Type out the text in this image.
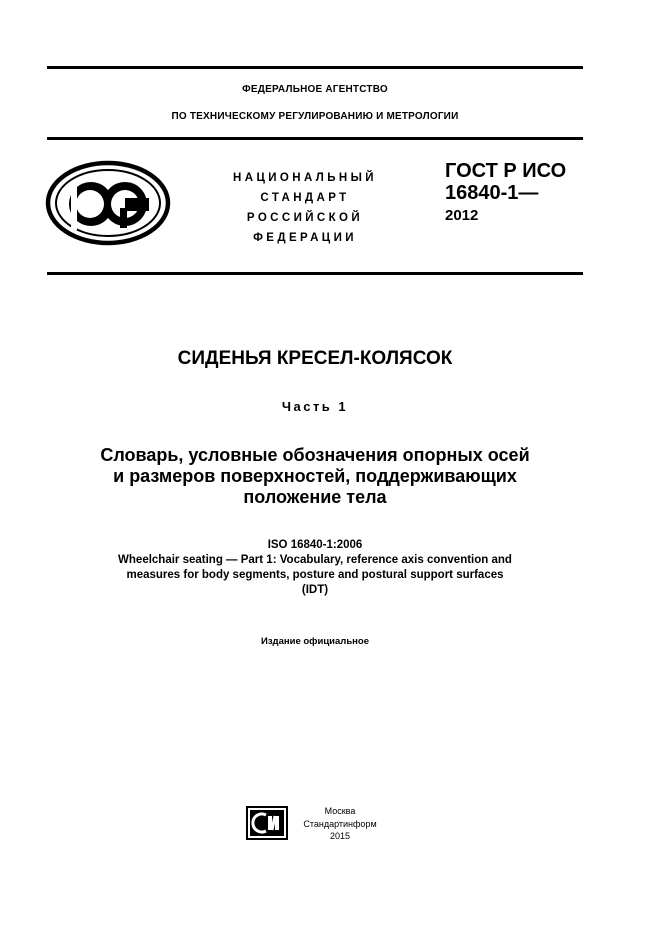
ФЕДЕРАЛЬНОЕ АГЕНТСТВО
ПО ТЕХНИЧЕСКОМУ РЕГУЛИРОВАНИЮ И МЕТРОЛОГИИ
НАЦИОНАЛЬНЫЙ
СТАНДАРТ
РОССИЙСКОЙ
ФЕДЕРАЦИИ
ГОСТ Р ИСО
16840-1—
2012
СИДЕНЬЯ КРЕСЕЛ-КОЛЯСОК
Часть 1
Словарь, условные обозначения опорных осей
и размеров поверхностей, поддерживающих
положение тела
ISO 16840-1:2006
Wheelchair seating — Part 1: Vocabulary, reference axis convention and
measures for body segments, posture and postural support surfaces
(IDT)
Издание официальное
Москва
Стандартинформ
2015
